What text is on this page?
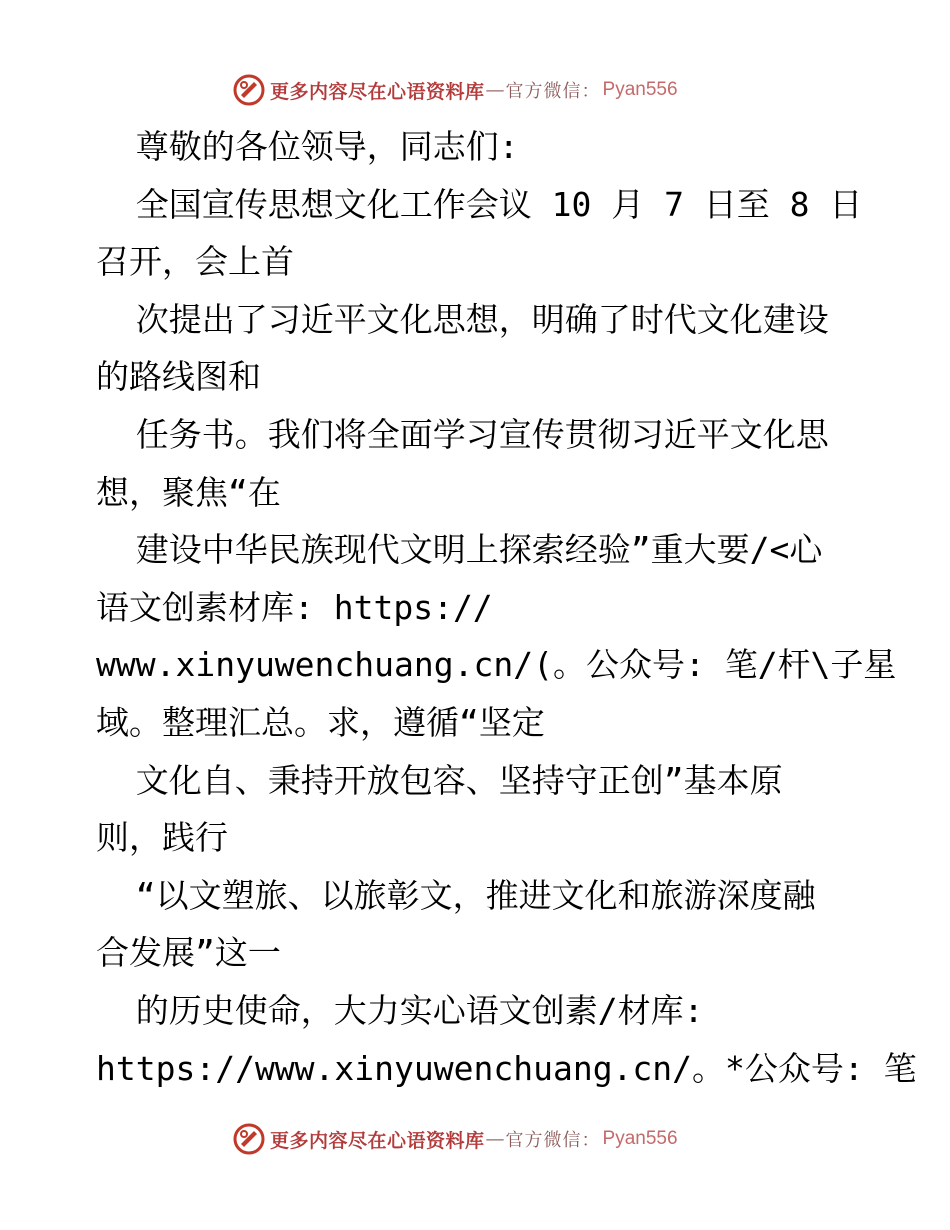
更多内容尽在心语资料库 — 官方微信： Pyan556
尊敬的各位领导，同志们:
全国宣传思想文化工作会议 10 月 7 日至 8 日
召开，会上首
次提出了习近平文化思想，明确了时代文化建设
的路线图和
任务书。我们将全面学习宣传贯彻习近平文化思
想，聚焦“在
建设中华民族现代文明上探索经验”重大要/<心
语文创素材库: https://
www.xinyuwenchuang.cn/(。公众号: 笔/杆\子星
域。整理汇总。求，遵循“坚定
文化自、秉持开放包容、坚持守正创”基本原
则，践行
“以文塑旅、以旅彰文，推进文化和旅游深度融
合发展”这一
的历史使命，大力实心语文创素/材库:
https://www.xinyuwenchuang.cn/。*公众号: 笔
更多内容尽在心语资料库 — 官方微信： Pyan556
